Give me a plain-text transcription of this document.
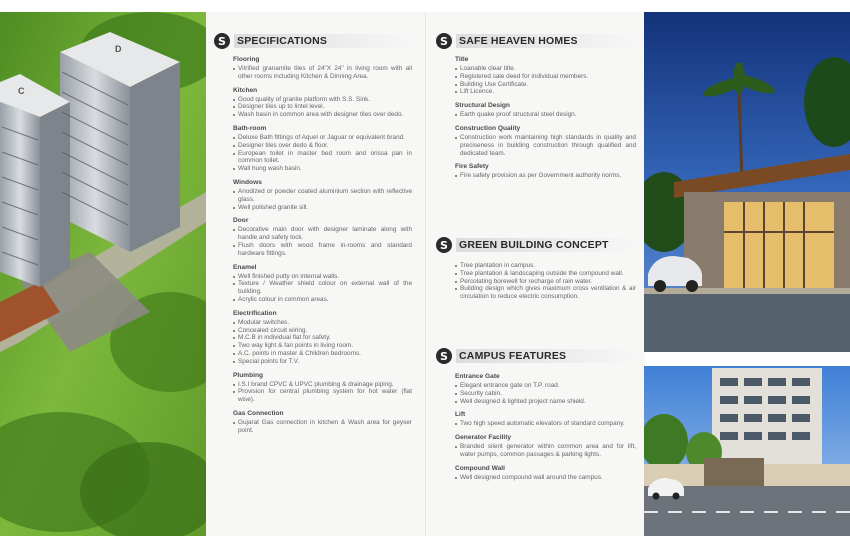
D
C
S SPECIFICATIONS
Flooring
Vitrified granamite tiles of 24"X 24" in living room with all other rooms including Kitchen & Dinning Area.
Kitchen
Good quality of granite platform with S.S. Sink.
Designer tiles up to lintel level.
Wash basin in common area with designer tiles over dedo.
Bath-room
Deluxe Bath fittings of Aquel or Jaguar or equivalent brand.
Designer tiles over dedo & floor.
European toilet in master bed room and orissa pan in common toilet.
Wall hung wash basin.
Windows
Anodized or powder coated aluminium section with reflective glass.
Well polished granite sill.
Door
Decorative main door with designer laminate along with handle and safety lock.
Flush doors with wood frame in-rooms and standard hardware fittings.
Enamel
Well finished putty on internal walls.
Texture / Weather shield colour on external wall of the building.
Acrylic colour in common areas.
Electrification
Modular switches.
Concealed circuit wiring.
M.C.B in individual flat for safety.
Two way light & fan points in living room.
A.C. points in master & Children bedrooms.
Special points for T.V.
Plumbing
I.S.I brand CPVC & UPVC plumbing & drainage piping.
Provision for central plumbing system for hot water (flat wise).
Gas Connection
Gujarat Gas connection in kitchen & Wash area for geyser point.
S SAFE HEAVEN HOMES
Title
Loanable clear title.
Registered sale deed for individual members.
Building Use Certificate.
Lift Licence.
Structural Design
Earth quake proof structural steel design.
Construction Quality
Construction work maintaining high standards in quality and preciseness in building construction through qualified and dedicated team.
Fire Safety
Fire safety provision as per Government authority norms.
S GREEN BUILDING CONCEPT
Tree plantation in campus.
Tree plantation & landscaping outside the compound wall.
Percolating borewell for recharge of rain water.
Building design which gives maximum cross ventilation & air circulation to reduce electric consumption.
S CAMPUS FEATURES
Entrance Gate
Elegant entrance gate on T.P. road.
Security cabin.
Well designed & lighted project name shield.
Lift
Two high speed automatic elevators of standard company.
Generator Facility
Branded silent generator within common area and for lift, water pumps, common passages & parking lights.
Compound Wall
Well designed compound wall around the campus.
